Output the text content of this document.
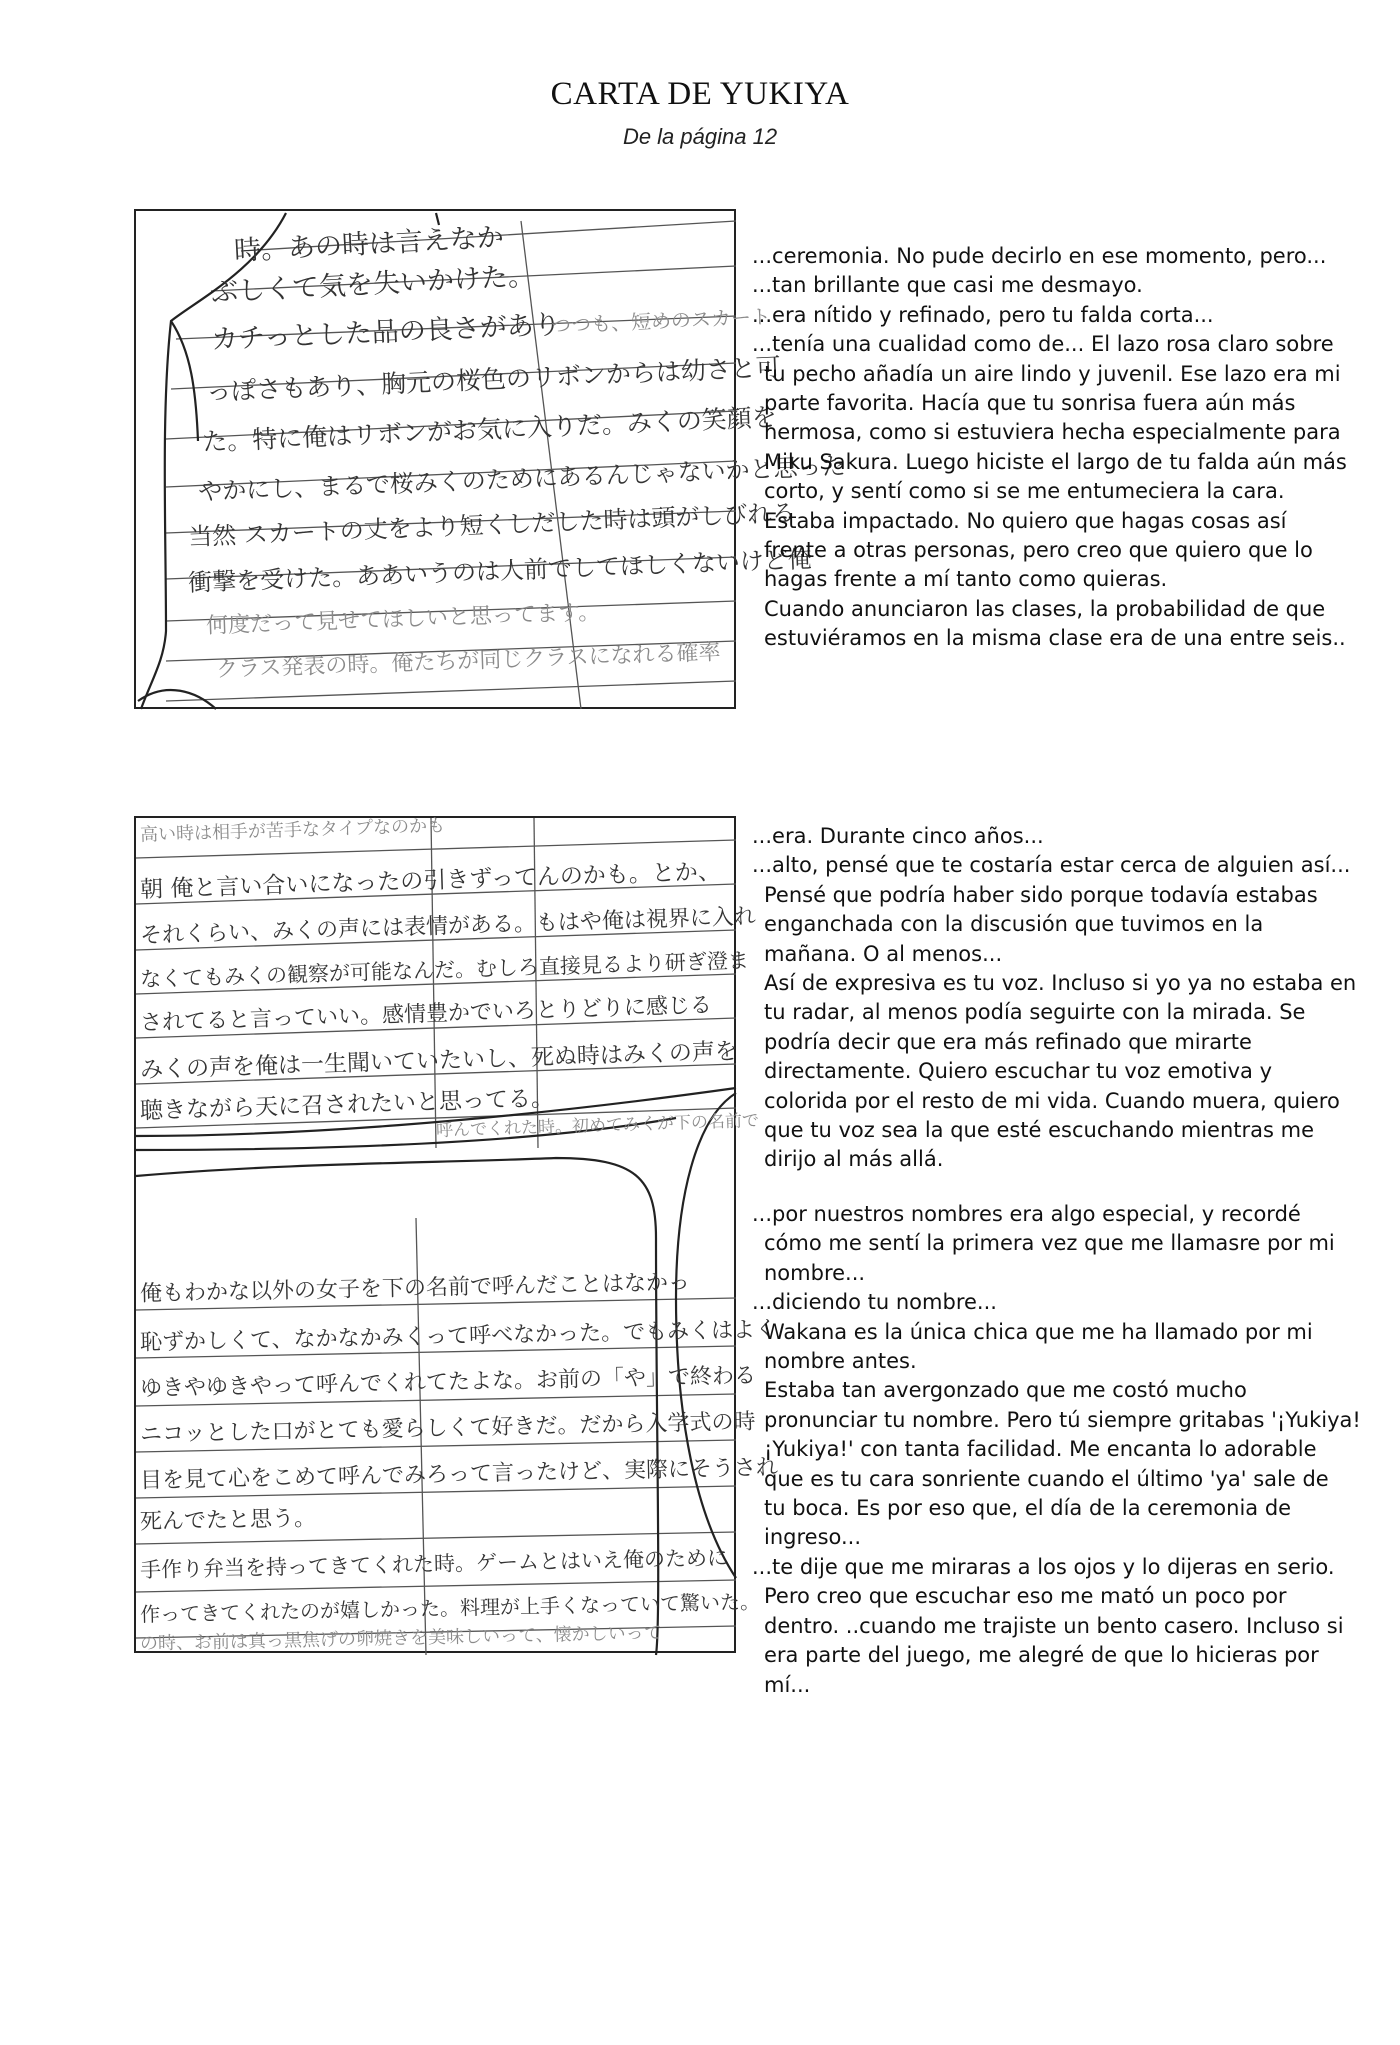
CARTA DE YUKIYA
De la página 12
時。あの時は言えなか
ぶしくて気を失いかけた。
カチっとした品の良さがあり
つつも、短めのスカート
っぽさもあり、胸元の桜色のリボンからは幼さと可
た。特に俺はリボンがお気に入りだ。みくの笑顔を
やかにし、まるで桜みくのためにあるんじゃないかと思った
当然 スカートの丈をより短くしだした時は頭がしびれる
衝撃を受けた。ああいうのは人前でしてほしくないけど俺
何度だって見せてほしいと思ってます。
クラス発表の時。俺たちが同じクラスになれる確率
高い時は相手が苦手なタイプなのかも
朝 俺と言い合いになったの引きずってんのかも。とか、
それくらい、みくの声には表情がある。もはや俺は視界に入れ
なくてもみくの観察が可能なんだ。むしろ直接見るより研ぎ澄ま
されてると言っていい。感情豊かでいろとりどりに感じる
みくの声を俺は一生聞いていたいし、死ぬ時はみくの声を
聴きながら天に召されたいと思ってる。
呼んでくれた時。初めてみくが下の名前で
俺もわかな以外の女子を下の名前で呼んだことはなかっ
恥ずかしくて、なかなかみくって呼べなかった。でもみくはよく
ゆきやゆきやって呼んでくれてたよな。お前の「や」で終わる
ニコッとした口がとても愛らしくて好きだ。だから入学式の時
目を見て心をこめて呼んでみろって言ったけど、実際にそうされ
死んでたと思う。
手作り弁当を持ってきてくれた時。ゲームとはいえ俺のために
作ってきてくれたのが嬉しかった。料理が上手くなっていて驚いた。
の時、お前は真っ黒焦げの卵焼きを美味しいって、懐かしいって

...ceremonia. No pude decirlo en ese momento, pero...

...tan brillante que casi me desmayo.

...era nítido y refinado, pero tu falda corta...

...tenía una cualidad como de... El lazo rosa claro sobre

tu pecho añadía un aire lindo y juvenil. Ese lazo era mi

parte favorita. Hacía que tu sonrisa fuera aún más

hermosa, como si estuviera hecha especialmente para

Miku Sakura. Luego hiciste el largo de tu falda aún más

corto, y sentí como si se me entumeciera la cara.

Estaba impactado. No quiero que hagas cosas así

frente a otras personas, pero creo que quiero que lo

hagas frente a mí tanto como quieras.

Cuando anunciaron las clases, la probabilidad de que

estuviéramos en la misma clase era de una entre seis..

...era. Durante cinco años...

...alto, pensé que te costaría estar cerca de alguien así...

Pensé que podría haber sido porque todavía estabas

enganchada con la discusión que tuvimos en la

mañana. O al menos...

Así de expresiva es tu voz. Incluso si yo ya no estaba en

tu radar, al menos podía seguirte con la mirada. Se

podría decir que era más refinado que mirarte

directamente. Quiero escuchar tu voz emotiva y

colorida por el resto de mi vida. Cuando muera, quiero

que tu voz sea la que esté escuchando mientras me

dirijo al más allá.

...por nuestros nombres era algo especial, y recordé

cómo me sentí la primera vez que me llamasre por mi

nombre...

...diciendo tu nombre...

Wakana es la única chica que me ha llamado por mi

nombre antes.

Estaba tan avergonzado que me costó mucho

pronunciar tu nombre. Pero tú siempre gritabas '¡Yukiya!

¡Yukiya!' con tanta facilidad. Me encanta lo adorable

que es tu cara sonriente cuando el último 'ya' sale de

tu boca. Es por eso que, el día de la ceremonia de

ingreso...

...te dije que me miraras a los ojos y lo dijeras en serio.

Pero creo que escuchar eso me mató un poco por

dentro. ..cuando me trajiste un bento casero. Incluso si

era parte del juego, me alegré de que lo hicieras por

mí...
